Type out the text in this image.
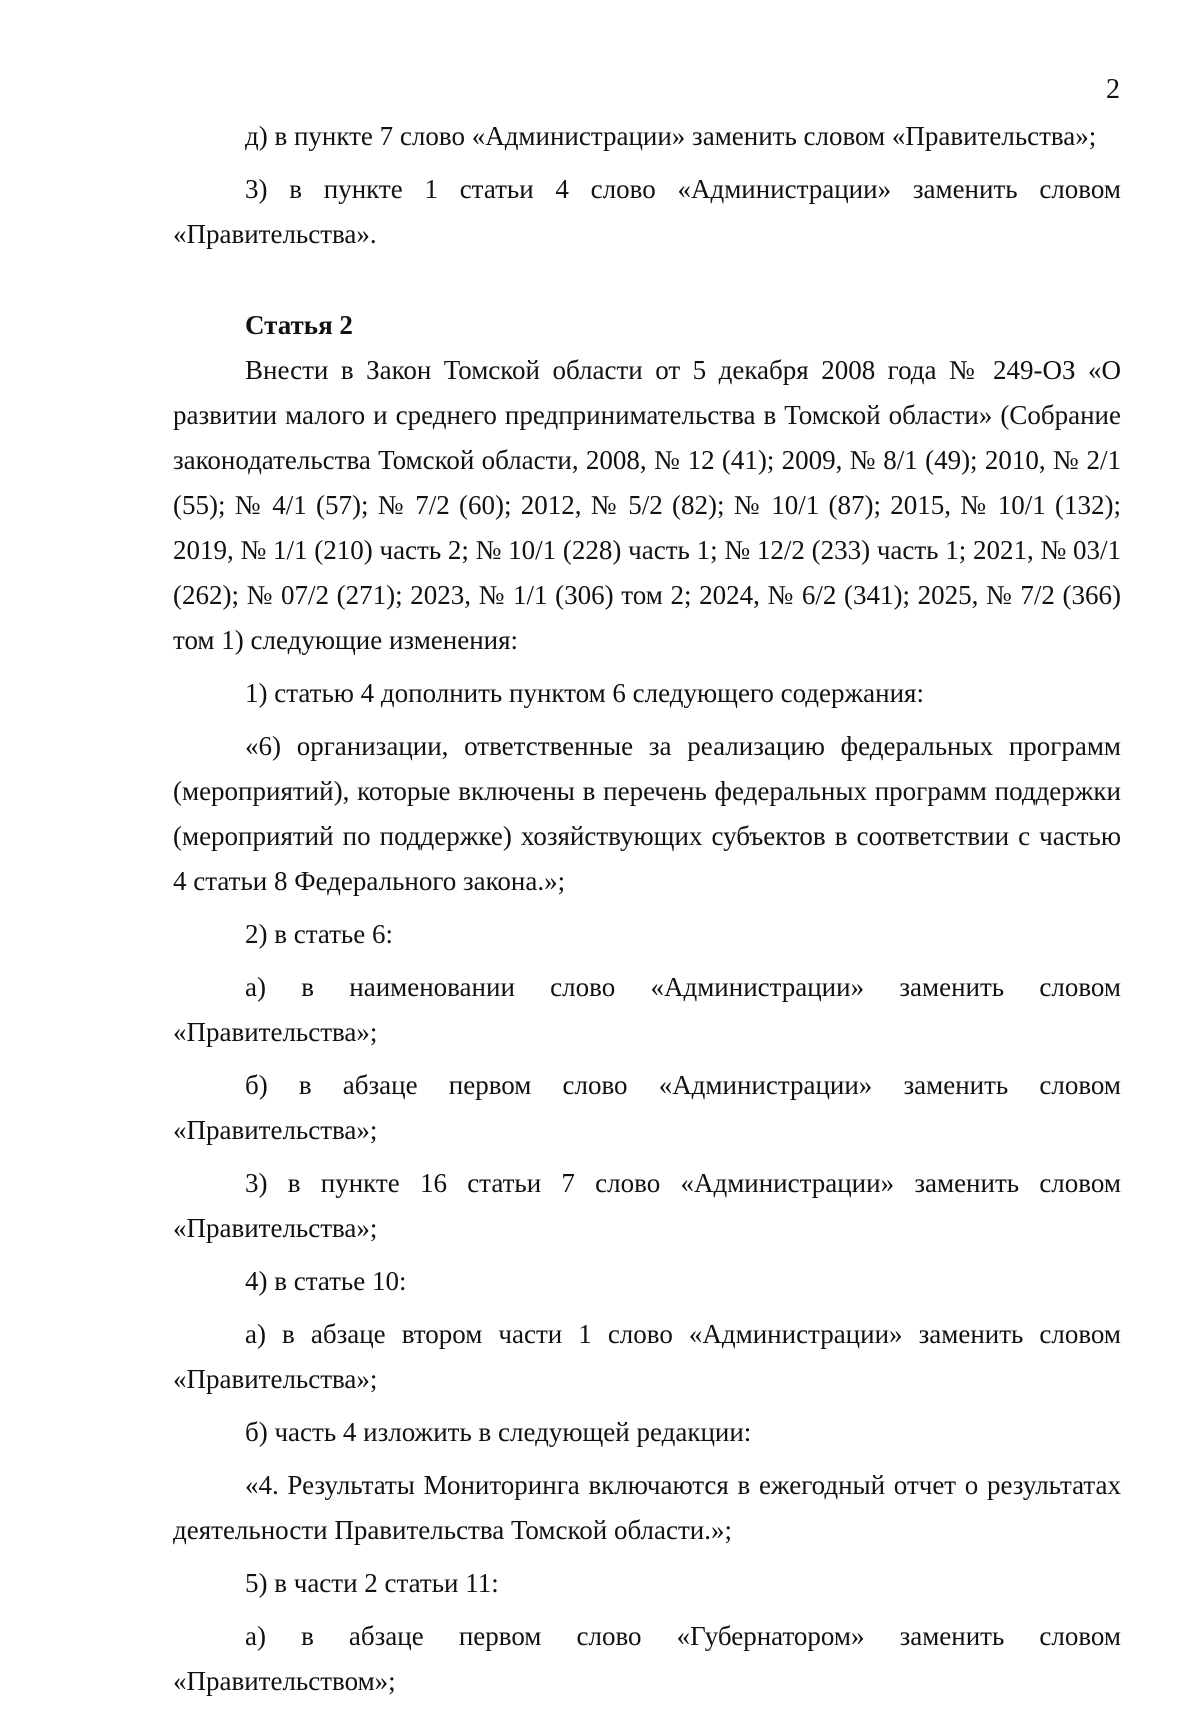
2
д) в пункте 7 слово «Администрации» заменить словом «Правительства»;
3) в пункте 1 статьи 4 слово «Администрации» заменить словом
«Правительства».
Статья 2
Внести в Закон Томской области от 5 декабря 2008 года № 249-ОЗ «О развитии малого и среднего предпринимательства в Томской области» (Собрание законодательства Томской области, 2008, № 12 (41); 2009, № 8/1 (49); 2010, № 2/1 (55); № 4/1 (57); № 7/2 (60); 2012, № 5/2 (82); № 10/1 (87); 2015, № 10/1 (132); 2019, № 1/1 (210) часть 2; № 10/1 (228) часть 1; № 12/2 (233) часть 1; 2021, № 03/1 (262); № 07/2 (271); 2023, № 1/1 (306) том 2; 2024, № 6/2 (341); 2025, № 7/2 (366) том 1) следующие изменения:
1) статью 4 дополнить пунктом 6 следующего содержания:
«6) организации, ответственные за реализацию федеральных программ (мероприятий), которые включены в перечень федеральных программ поддержки (мероприятий по поддержке) хозяйствующих субъектов в соответствии с частью 4 статьи 8 Федерального закона.»;
2) в статье 6:
а) в наименовании слово «Администрации» заменить словом
«Правительства»;
б) в абзаце первом слово «Администрации» заменить словом
«Правительства»;
3) в пункте 16 статьи 7 слово «Администрации» заменить словом
«Правительства»;
4) в статье 10:
а) в абзаце втором части 1 слово «Администрации» заменить словом
«Правительства»;
б) часть 4 изложить в следующей редакции:
«4. Результаты Мониторинга включаются в ежегодный отчет о результатах деятельности Правительства Томской области.»;
5) в части 2 статьи 11:
а) в абзаце первом слово «Губернатором» заменить словом
«Правительством»;
